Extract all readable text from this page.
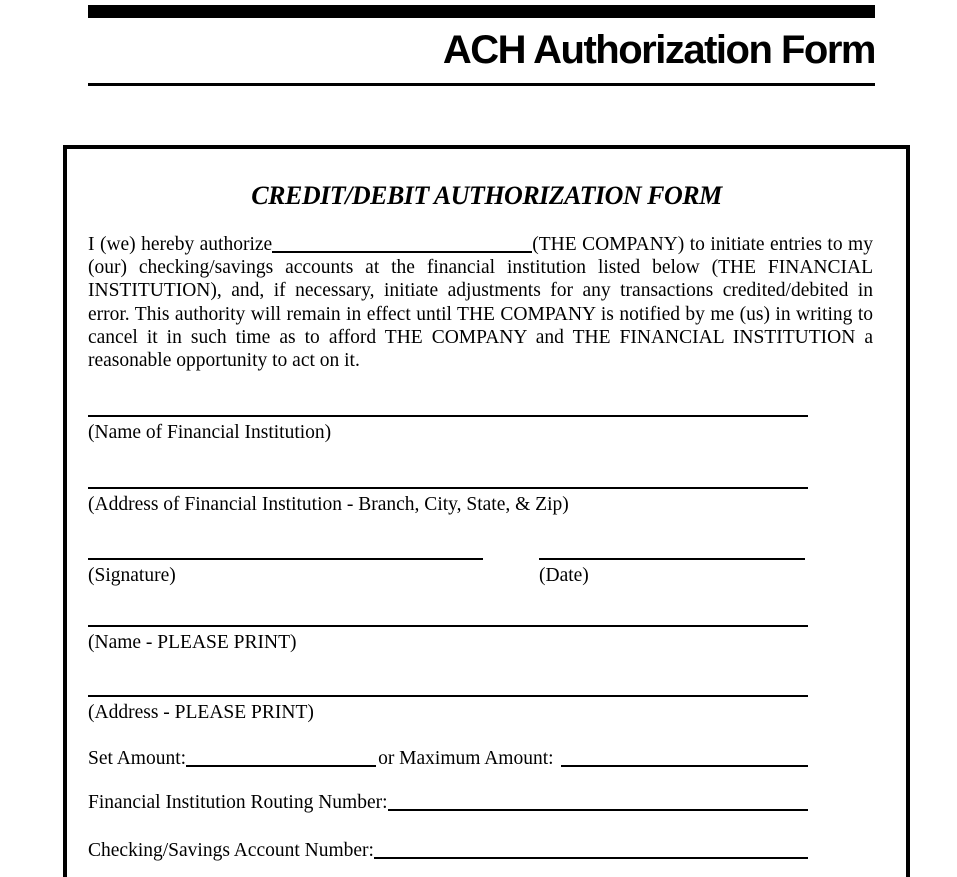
ACH Authorization Form
CREDIT/DEBIT AUTHORIZATION FORM

I (we) hereby authorize	(THE COMPANY) to initiate entries to my (our) checking/savings accounts at the financial institution listed below (THE FINANCIAL INSTITUTION), and, if necessary, initiate adjustments for any transactions credited/debited in error. This authority will remain in effect until THE COMPANY is notified by me (us) in writing to cancel it in such time as to afford THE COMPANY and THE FINANCIAL INSTITUTION a reasonable opportunity to act on it.

(Name of Financial Institution)
(Address of Financial Institution - Branch, City, State, & Zip)
(Signature)	(Date)
(Name - PLEASE PRINT)
(Address - PLEASE PRINT)
Set Amount:	or Maximum Amount:
Financial Institution Routing Number:
Checking/Savings Account Number:
